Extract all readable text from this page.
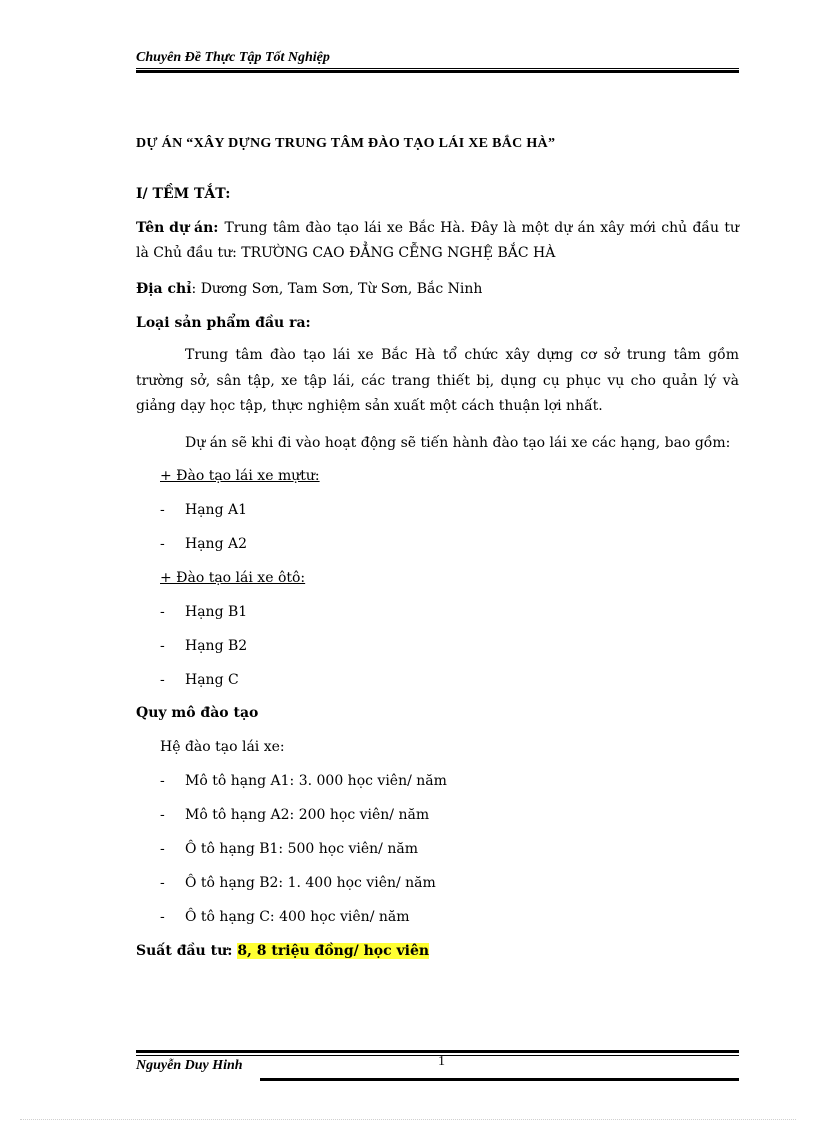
Chuyên Đề Thực Tập Tốt Nghiệp
DỰ ÁN “XÂY DỰNG TRUNG TÂM ĐÀO TẠO LÁI XE BẮC HÀ”
I/ TỀM TẮT:
Tên dự án: Trung tâm đào tạo lái xe Bắc Hà. Đây là một dự án xây mới chủ đầu tư
là Chủ đầu tư: TRƯỜNG CAO ĐẲNG CỄNG NGHỆ BẮC HÀ
Địa chỉ: Dương Sơn, Tam Sơn, Từ Sơn, Bắc Ninh
Loại sản phẩm đầu ra:
Trung tâm đào tạo lái xe Bắc Hà tổ chức xây dựng cơ sở trung tâm gồm
trường sở, sân tập, xe tập lái, các trang thiết bị, dụng cụ phục vụ cho quản lý và
giảng dạy học tập, thực nghiệm sản xuất một cách thuận lợi nhất.
Dự án sẽ khi đi vào hoạt động sẽ tiến hành đào tạo lái xe các hạng, bao gồm:
+ Đào tạo lái xe mựtư:
- Hạng A1
- Hạng A2
+ Đào tạo lái xe ôtô:
- Hạng B1
- Hạng B2
- Hạng C
Quy mô đào tạo
Hệ đào tạo lái xe:
- Mô tô hạng A1: 3. 000 học viên/ năm
- Mô tô hạng A2: 200 học viên/ năm
- Ô tô hạng B1: 500 học viên/ năm
- Ô tô hạng B2: 1. 400 học viên/ năm
- Ô tô hạng C: 400 học viên/ năm
Suất đầu tư: 8, 8 triệu đồng/ học viên
1
Nguyễn Duy Hinh
